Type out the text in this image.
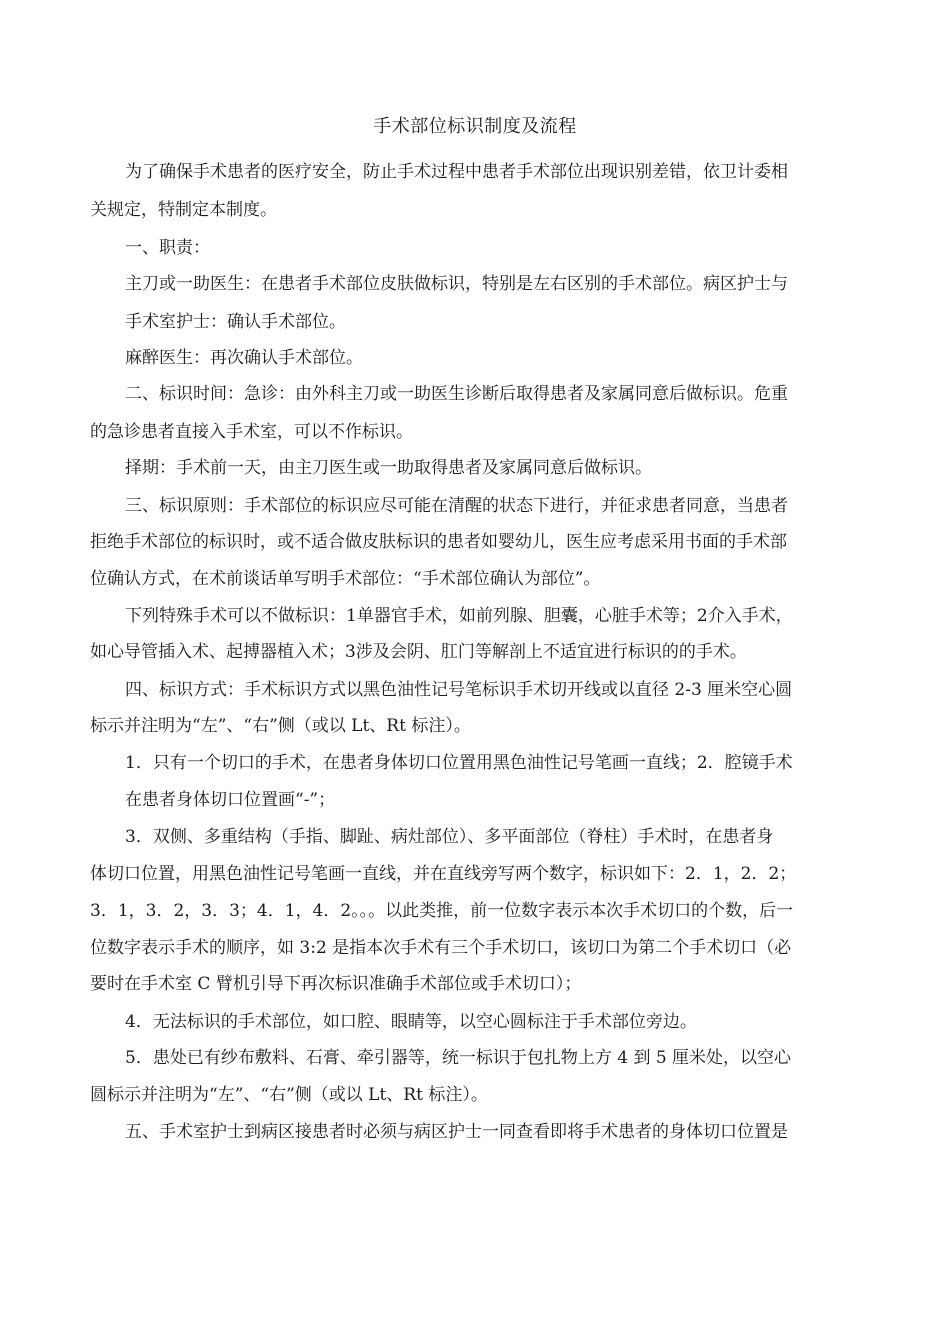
手术部位标识制度及流程
为了确保手术患者的医疗安全，防止手术过程中患者手术部位出现识别差错，依卫计委相
关规定，特制定本制度。
一、职责：
主刀或一助医生：在患者手术部位皮肤做标识，特别是左右区别的手术部位。病区护士与
手术室护士：确认手术部位。
麻醉医生：再次确认手术部位。
二、标识时间：急诊：由外科主刀或一助医生诊断后取得患者及家属同意后做标识。危重
的急诊患者直接入手术室，可以不作标识。
择期：手术前一天，由主刀医生或一助取得患者及家属同意后做标识。
三、标识原则：手术部位的标识应尽可能在清醒的状态下进行，并征求患者同意，当患者
拒绝手术部位的标识时，或不适合做皮肤标识的患者如婴幼儿，医生应考虑采用书面的手术部
位确认方式，在术前谈话单写明手术部位：“手术部位确认为部位”。
下列特殊手术可以不做标识：1单器官手术，如前列腺、胆囊，心脏手术等；2介入手术，
如心导管插入术、起搏器植入术；3涉及会阴、肛门等解剖上不适宜进行标识的的手术。
四、标识方式：手术标识方式以黑色油性记号笔标识手术切开线或以直径 2-3 厘米空心圆
标示并注明为“左”、“右”侧（或以 Lt、Rt 标注）。
1．只有一个切口的手术，在患者身体切口位置用黑色油性记号笔画一直线；2．腔镜手术
在患者身体切口位置画“-”；
3．双侧、多重结构（手指、脚趾、病灶部位）、多平面部位（脊柱）手术时，在患者身
体切口位置，用黑色油性记号笔画一直线，并在直线旁写两个数字，标识如下：2．1，2．2；
3．1，3．2，3．3；4．1，4．2。。。以此类推，前一位数字表示本次手术切口的个数，后一
位数字表示手术的顺序，如 3:2 是指本次手术有三个手术切口，该切口为第二个手术切口（必
要时在手术室 C 臂机引导下再次标识准确手术部位或手术切口）；
4．无法标识的手术部位，如口腔、眼睛等，以空心圆标注于手术部位旁边。
5．患处已有纱布敷料、石膏、牵引器等，统一标识于包扎物上方 4 到 5 厘米处，以空心
圆标示并注明为“左”、“右”侧（或以 Lt、Rt 标注）。
五、手术室护士到病区接患者时必须与病区护士一同查看即将手术患者的身体切口位置是
